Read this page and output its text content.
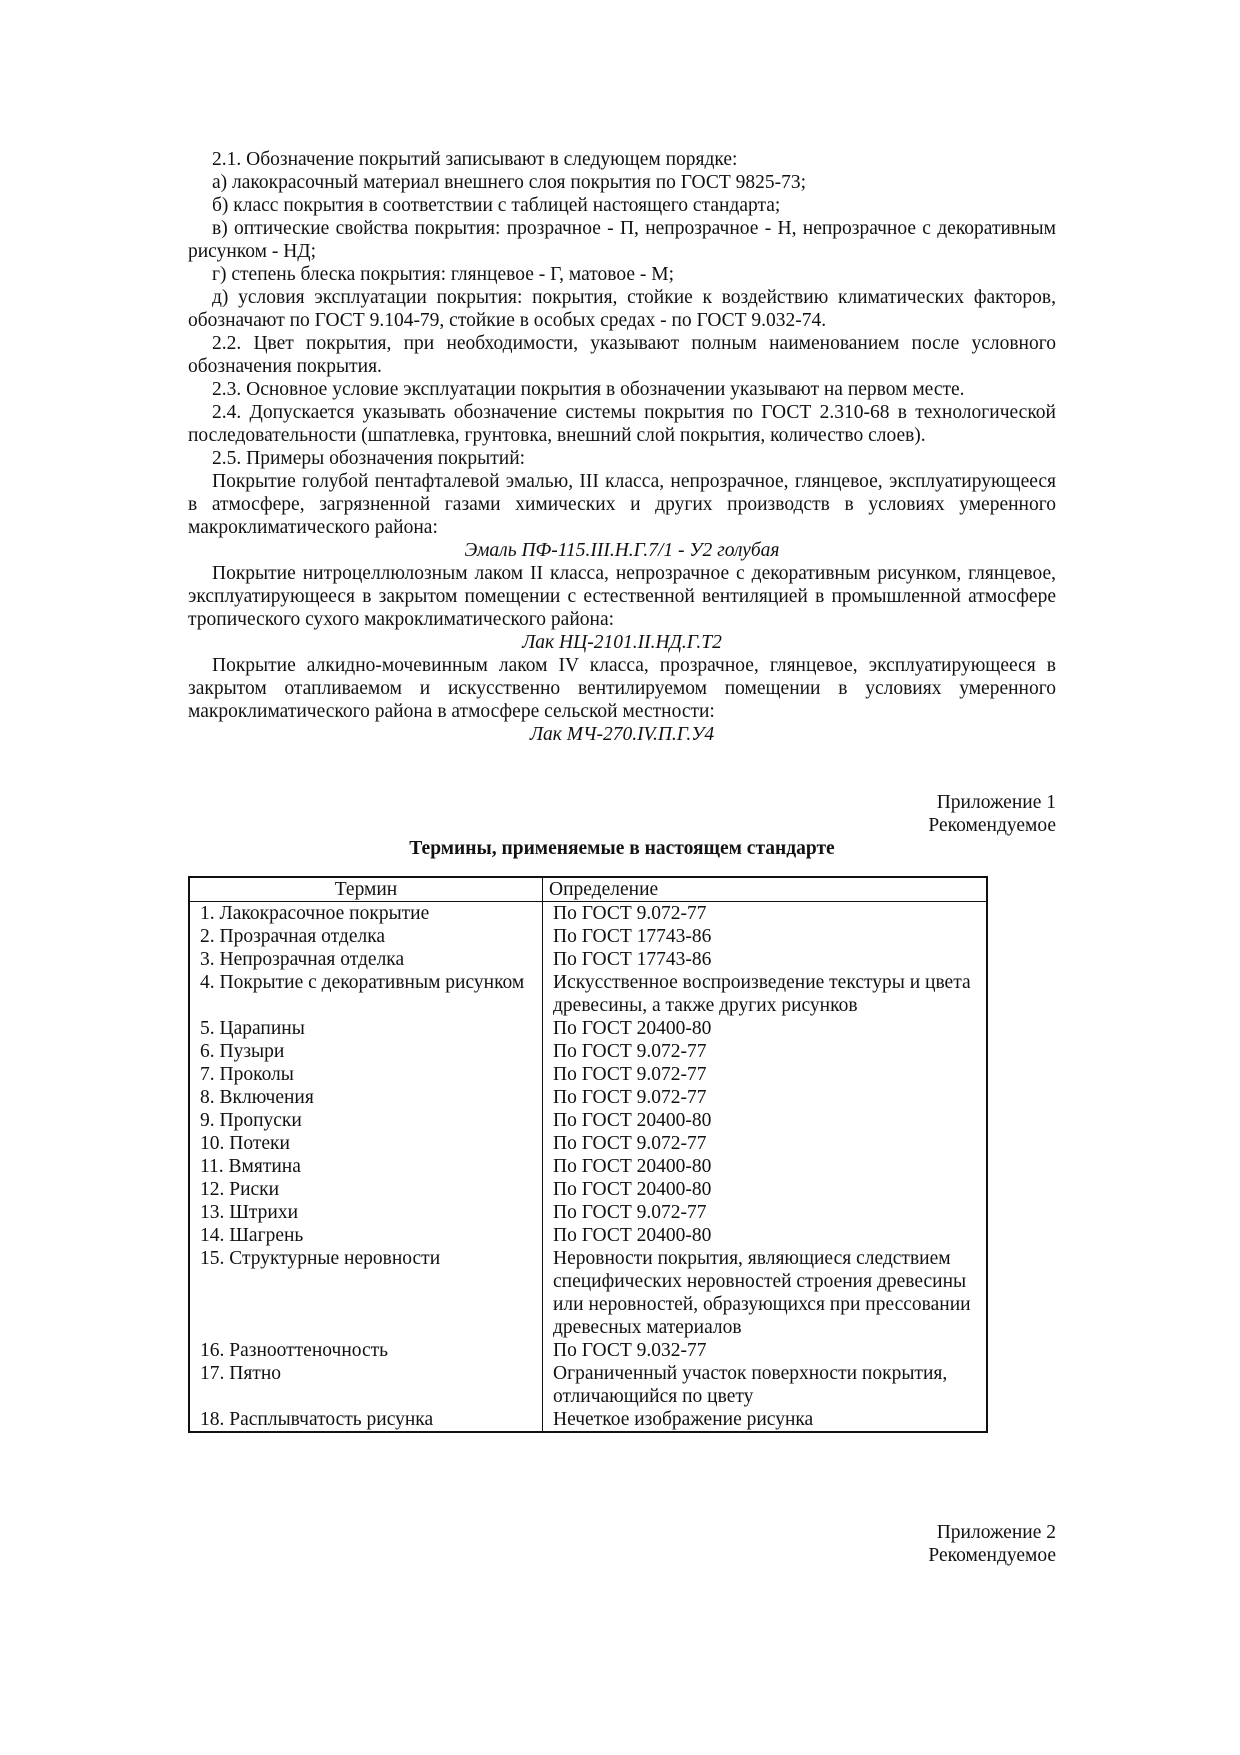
2.1. Обозначение покрытий записывают в следующем порядке:

а) лакокрасочный материал внешнего слоя покрытия по ГОСТ 9825-73;

б) класс покрытия в соответствии с таблицей настоящего стандарта;

в) оптические свойства покрытия: прозрачное - П, непрозрачное - Н, непрозрачное с декоративным рисунком - НД;

г) степень блеска покрытия: глянцевое - Г, матовое - М;

д) условия эксплуатации покрытия: покрытия, стойкие к воздействию климатических факторов, обозначают по ГОСТ 9.104-79, стойкие в особых средах - по ГОСТ 9.032-74.

2.2. Цвет покрытия, при необходимости, указывают полным наименованием после условного обозначения покрытия.

2.3. Основное условие эксплуатации покрытия в обозначении указывают на первом месте.

2.4. Допускается указывать обозначение системы покрытия по ГОСТ 2.310-68 в технологической последовательности (шпатлевка, грунтовка, внешний слой покрытия, количество слоев).

2.5. Примеры обозначения покрытий:

Покрытие голубой пентафталевой эмалью, III класса, непрозрачное, глянцевое, эксплуатирующееся в атмосфере, загрязненной газами химических и других производств в условиях умеренного макроклиматического района:

Эмаль ПФ-115.III.Н.Г.7/1 - У2 голубая

Покрытие нитроцеллюлозным лаком II класса, непрозрачное с декоративным рисунком, глянцевое, эксплуатирующееся в закрытом помещении с естественной вентиляцией в промышленной атмосфере тропического сухого макроклиматического района:

Лак НЦ-2101.II.НД.Г.Т2

Покрытие алкидно-мочевинным лаком IV класса, прозрачное, глянцевое, эксплуатирующееся в закрытом отапливаемом и искусственно вентилируемом помещении в условиях умеренного макроклиматического района в атмосфере сельской местности:

Лак МЧ-270.IV.П.Г.У4

Приложение 1

Рекомендуемое

Термины, применяемые в настоящем стандарте

Термин	Определение
1. Лакокрасочное покрытие	По ГОСТ 9.072-77
2. Прозрачная отделка	По ГОСТ 17743-86
3. Непрозрачная отделка	По ГОСТ 17743-86
4. Покрытие с декоративным рисунком	Искусственное воспроизведение текстуры и цвета древесины, а также других рисунков
5. Царапины	По ГОСТ 20400-80
6. Пузыри	По ГОСТ 9.072-77
7. Проколы	По ГОСТ 9.072-77
8. Включения	По ГОСТ 9.072-77
9. Пропуски	По ГОСТ 20400-80
10. Потеки	По ГОСТ 9.072-77
11. Вмятина	По ГОСТ 20400-80
12. Риски	По ГОСТ 20400-80
13. Штрихи	По ГОСТ 9.072-77
14. Шагрень	По ГОСТ 20400-80
15. Структурные неровности	Неровности покрытия, являющиеся следствием специфических неровностей строения древесины или неровностей, образующихся при прессовании древесных материалов
16. Разнооттеночность	По ГОСТ 9.032-77
17. Пятно	Ограниченный участок поверхности покрытия, отличающийся по цвету
18. Расплывчатость рисунка	Нечеткое изображение рисунка

Приложение 2

Рекомендуемое
